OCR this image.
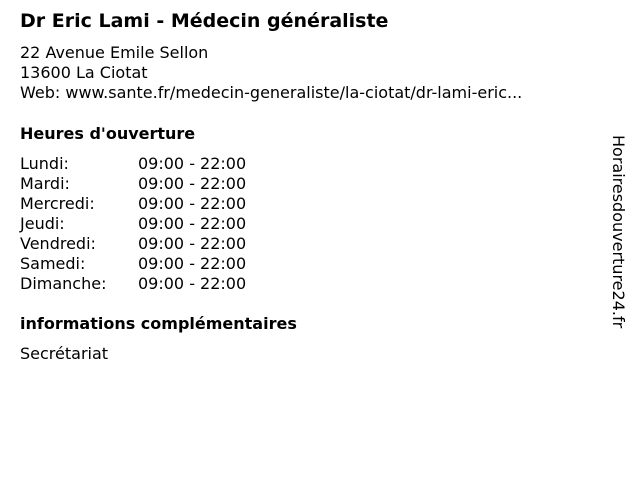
Dr Eric Lami - Médecin généraliste
22 Avenue Emile Sellon
13600 La Ciotat
Web: www.sante.fr/medecin-generaliste/la-ciotat/dr-lami-eric...
Heures d'ouverture
Lundi:	09:00 - 22:00
Mardi:	09:00 - 22:00
Mercredi:	09:00 - 22:00
Jeudi:	09:00 - 22:00
Vendredi:	09:00 - 22:00
Samedi:	09:00 - 22:00
Dimanche: 09:00 - 22:00
informations complémentaires
Secrétariat
Horairesdouverture24.fr
